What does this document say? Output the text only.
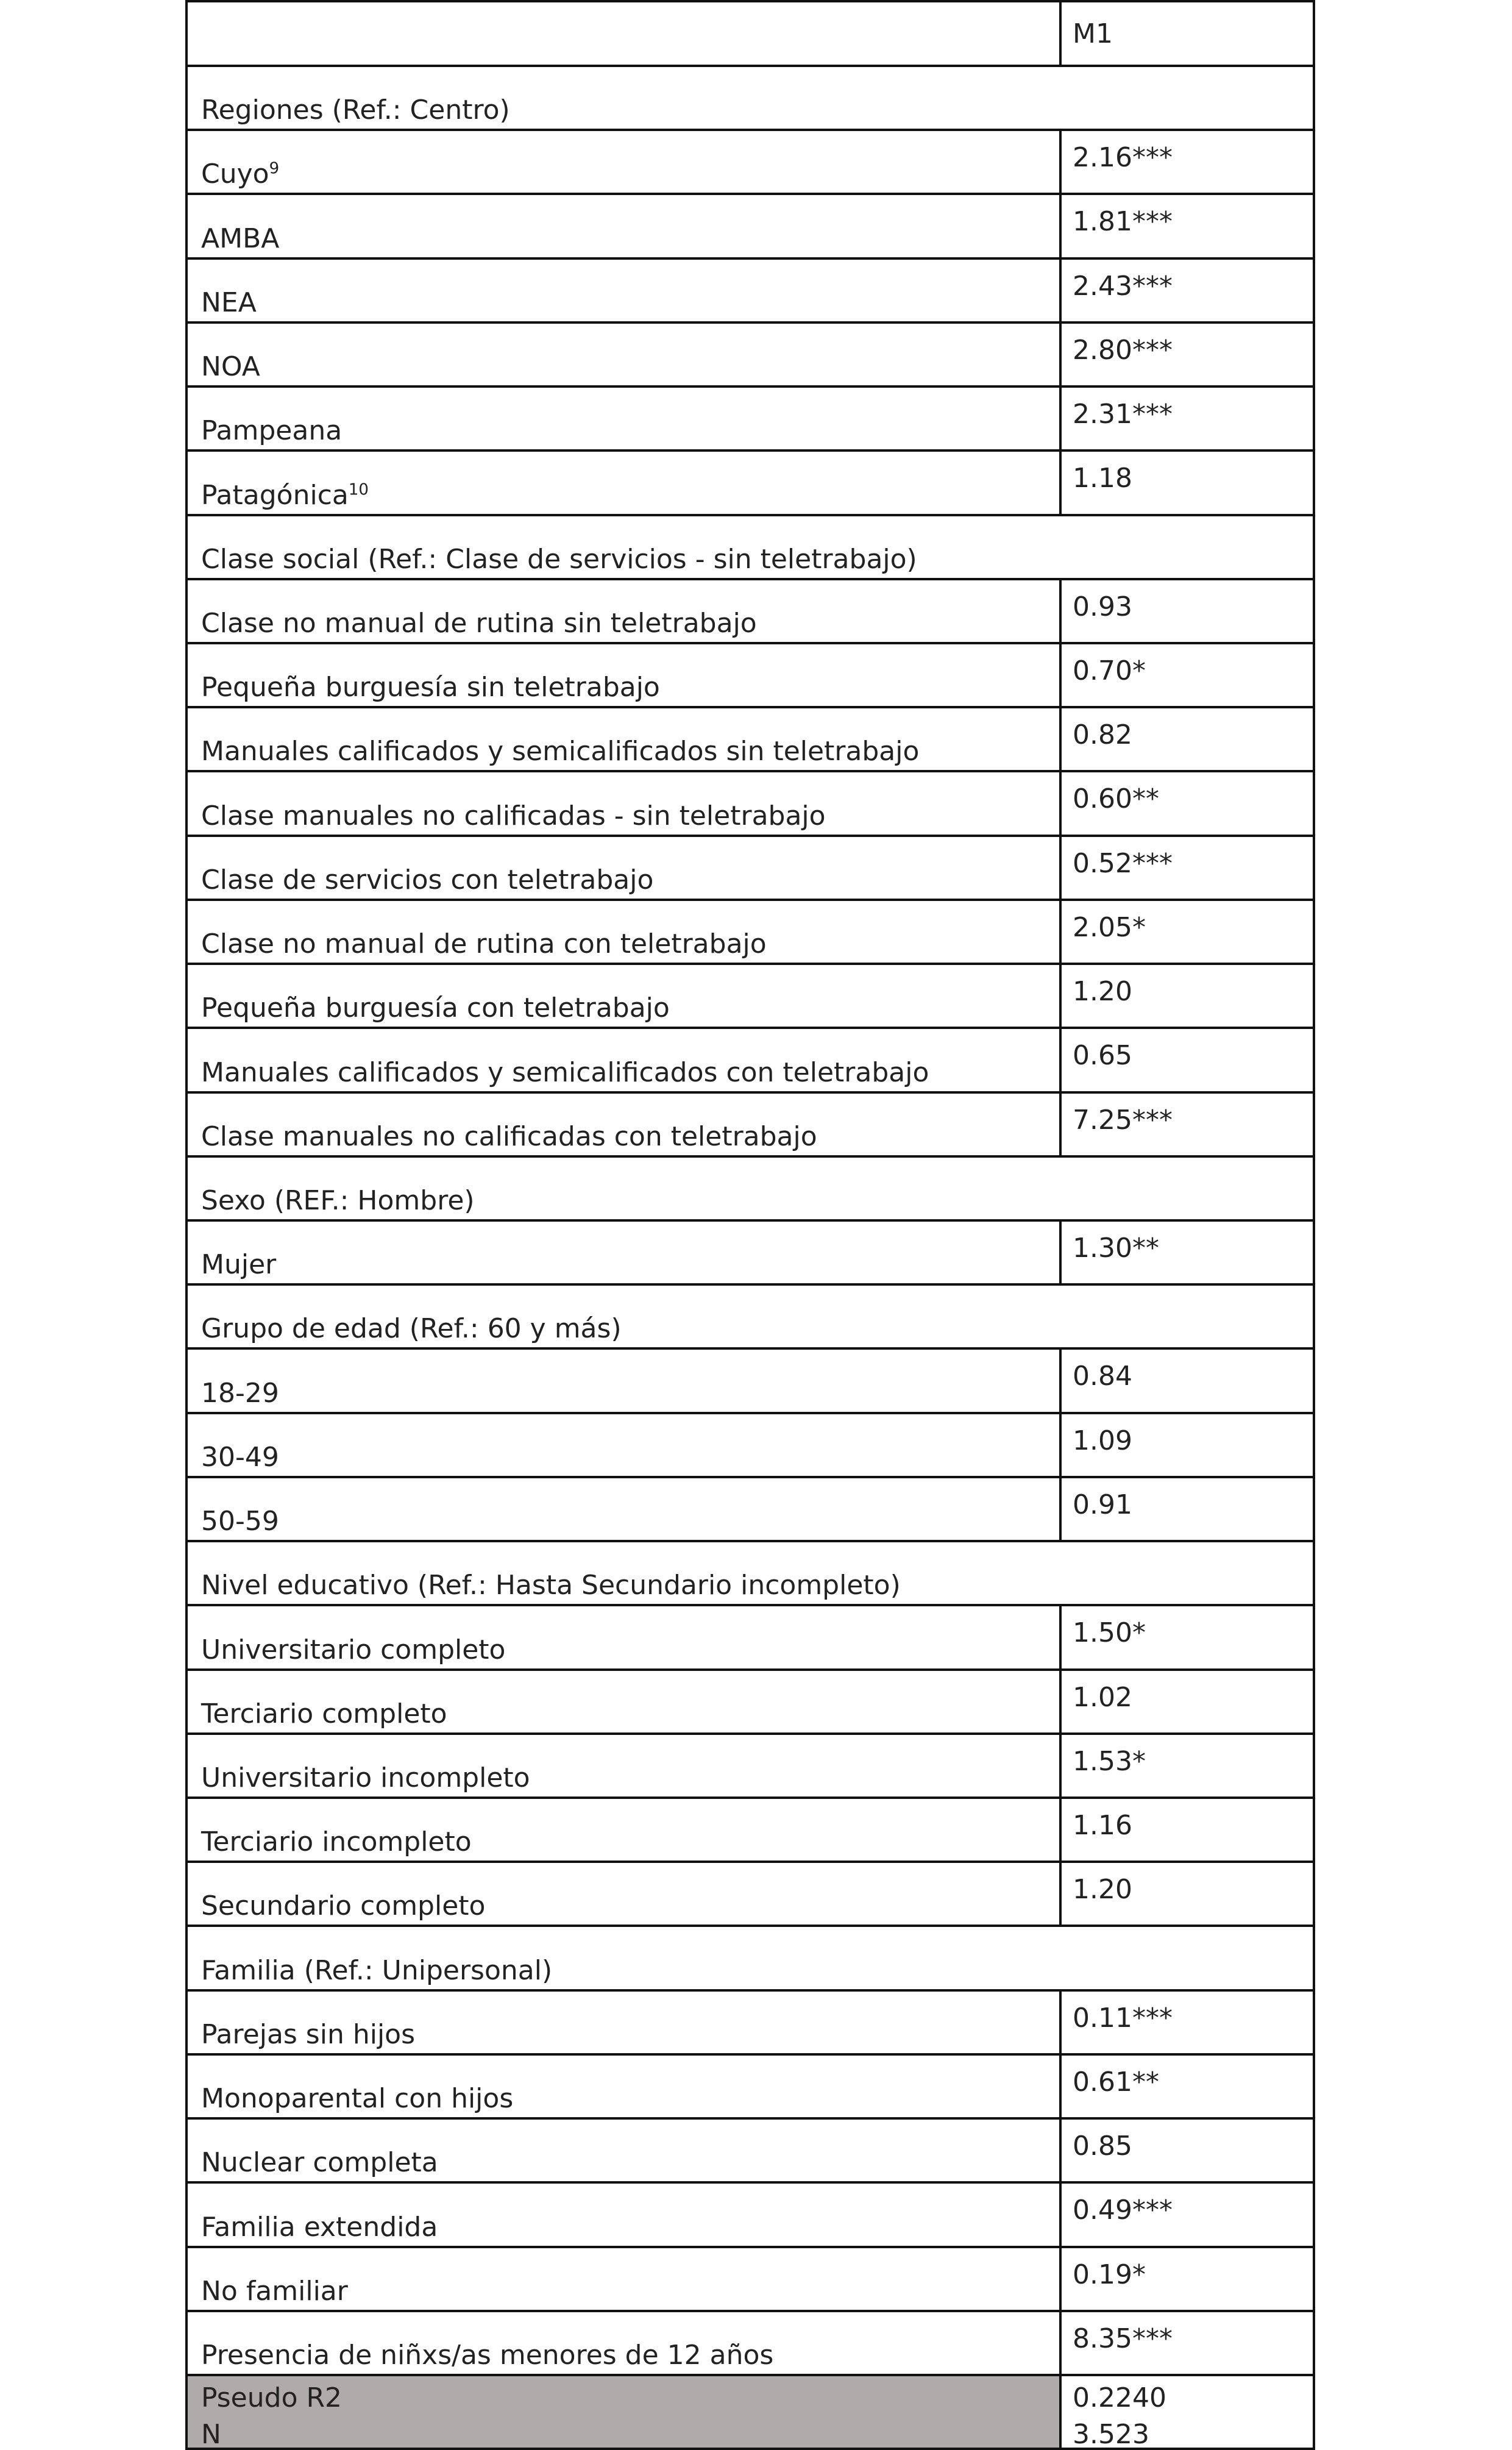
M1
Regiones (Ref.: Centro)
Cuyo$^9$	2.16***
AMBA
1.81***
NEA
2.43***
NOA
2.80***
Pampeana
2.31***
Patagónica$^{10}$	1.18
Clase social (Ref.: Clase de servicios - sin teletrabajo)
Clase no manual de rutina sin teletrabajo
0.93
Pequeña burguesía sin teletrabajo
0.70*
Manuales calificados y semicalificados sin teletrabajo
0.82
Clase manuales no calificadas - sin teletrabajo
0.60**
Clase de servicios con teletrabajo
0.52***
Clase no manual de rutina con teletrabajo
2.05*
Pequeña burguesía con teletrabajo
1.20
Manuales calificados y semicalificados con teletrabajo
0.65
Clase manuales no calificadas con teletrabajo
7.25***
Sexo (REF.: Hombre)
Mujer
1.30**
Grupo de edad (Ref.: 60 y más)
18-29
0.84
30-49
1.09
50-59
0.91
Nivel educativo (Ref.: Hasta Secundario incompleto)
Universitario completo
1.50*
Terciario completo
1.02
Universitario incompleto
1.53*
Terciario incompleto
1.16
Secundario completo
1.20
Familia (Ref.: Unipersonal)
Parejas sin hijos
0.11***
Monoparental con hijos
0.61**
Nuclear completa
0.85
Familia extendida
0.49***
No familiar
0.19*
Presencia de niñxs/as menores de 12 años
8.35***
Pseudo R2
N
0.2240
3.523
